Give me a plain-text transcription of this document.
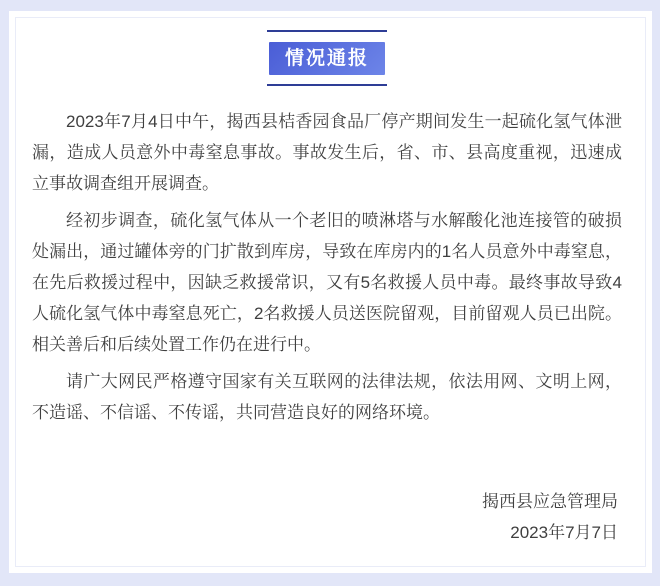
情况通报

2023年7月4日中午，揭西县桔香园食品厂停产期间发生一起硫化氢气体泄漏，造成人员意外中毒窒息事故。事故发生后，省、市、县高度重视，迅速成立事故调查组开展调查。

经初步调查，硫化氢气体从一个老旧的喷淋塔与水解酸化池连接管的破损处漏出，通过罐体旁的门扩散到库房，导致在库房内的1名人员意外中毒窒息，在先后救援过程中，因缺乏救援常识，又有5名救援人员中毒。最终事故导致4人硫化氢气体中毒窒息死亡，2名救援人员送医院留观，目前留观人员已出院。相关善后和后续处置工作仍在进行中。

请广大网民严格遵守国家有关互联网的法律法规，依法用网、文明上网，不造谣、不信谣、不传谣，共同营造良好的网络环境。

揭西县应急管理局
2023年7月7日
